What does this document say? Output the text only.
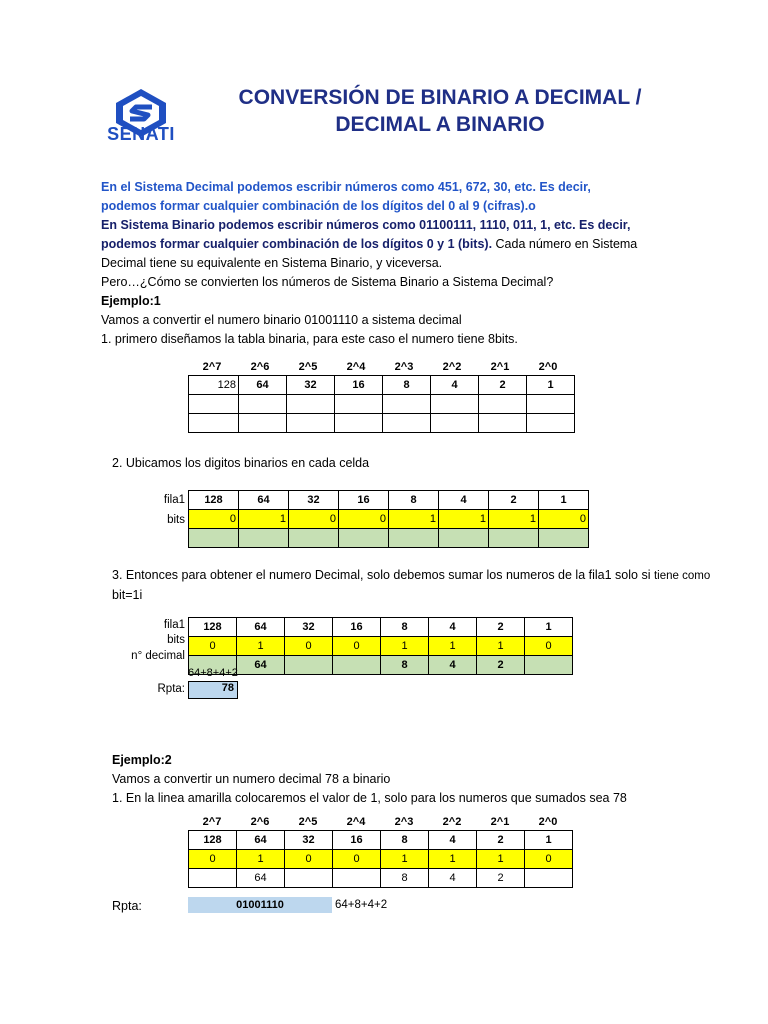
SENATI
CONVERSIÓN DE BINARIO A DECIMAL /
DECIMAL A BINARIO
En el Sistema Decimal podemos escribir números como 451, 672, 30, etc. Es decir,
podemos formar cualquier combinación de los dígitos del 0 al 9 (cifras).o
En Sistema Binario podemos escribir números como 01100111, 1110, 011, 1, etc. Es decir,
podemos formar cualquier combinación de los dígitos 0 y 1 (bits). Cada número en Sistema
Decimal tiene su equivalente en Sistema Binario, y viceversa.
Pero…¿Cómo se convierten los números de Sistema Binario a Sistema Decimal?
Ejemplo:1
Vamos a convertir el numero binario 01001110 a sistema decimal
1. primero diseñamos la tabla binaria, para este caso el numero tiene 8bits.
2^7	2^6	2^5	2^4	2^3	2^2	2^1	2^0
128	64	32	16	8	4	2	1

2. Ubicamos los digitos binarios en cada celda
fila1
bits
128	64	32	16	8	4	2	1
0	1	0	0	1	1	1	0

3. Entonces para obtener el numero Decimal, solo debemos sumar los numeros de la fila1 solo si tiene como
bit=1i
fila1
bits
n° decimal
128	64	32	16	8	4	2	1
0	1	0	0	1	1	1	0
	64			8	4	2	
64+8+4+2
Rpta:	78
Ejemplo:2
Vamos a convertir un numero decimal 78 a binario
1. En la linea amarilla colocaremos el valor de 1, solo para los numeros que sumados sea 78
2^7	2^6	2^5	2^4	2^3	2^2	2^1	2^0
128	64	32	16	8	4	2	1
0	1	0	0	1	1	1	0
	64			8	4	2	
Rpta:	01001110	64+8+4+2
